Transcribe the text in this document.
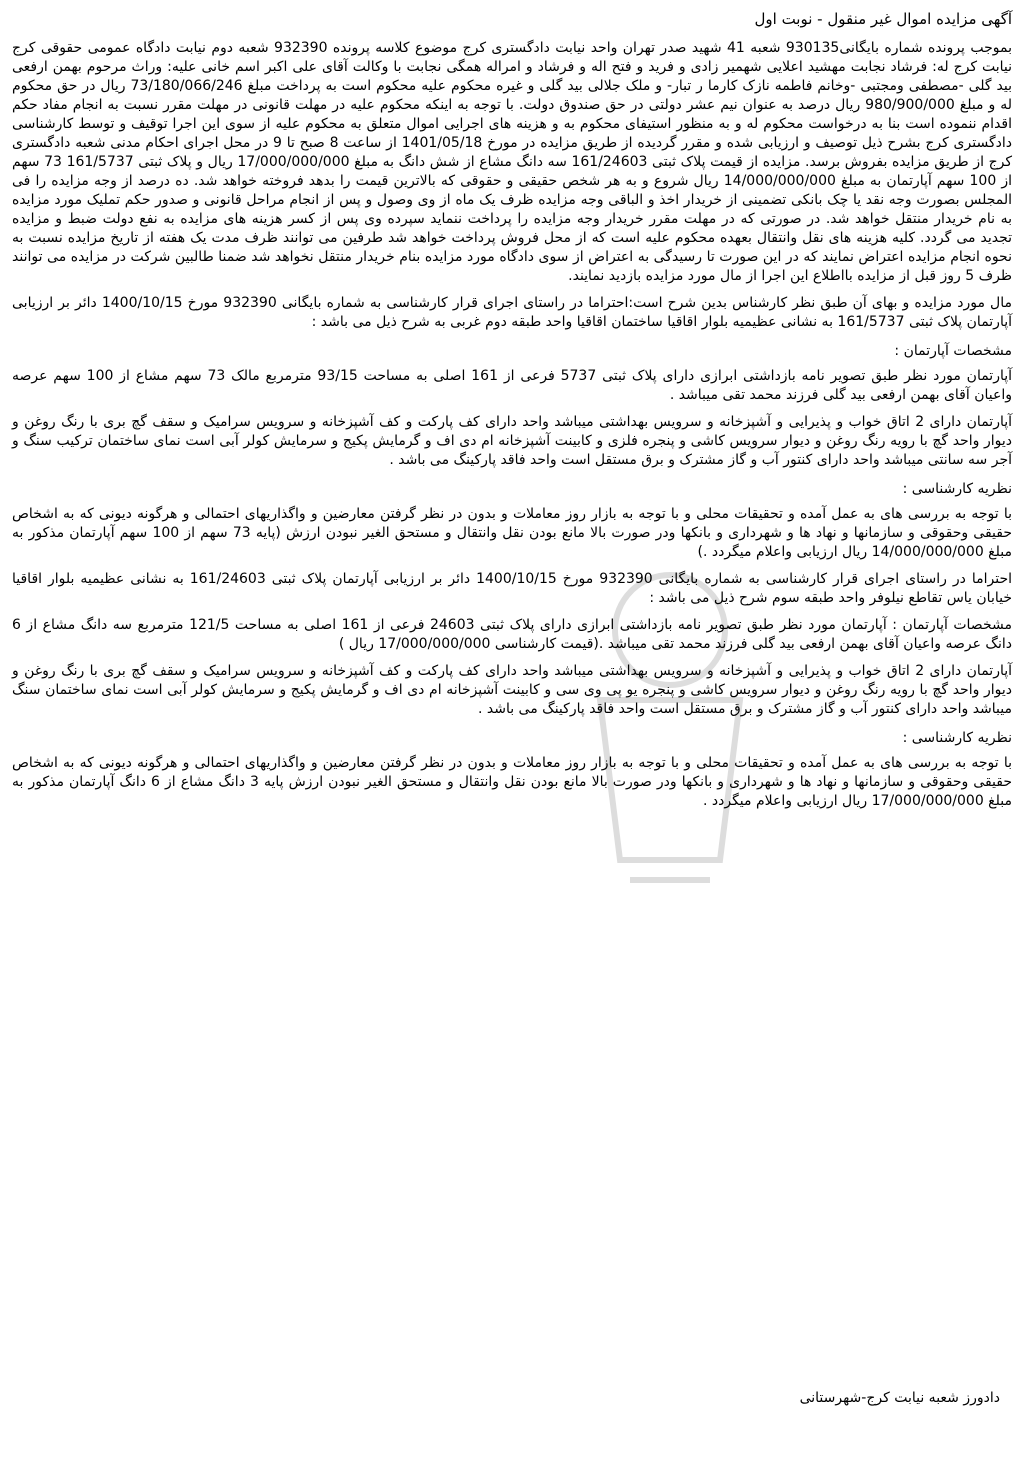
آگهی مزایده اموال غیر منقول - نوبت اول

بموجب پرونده شماره بایگانی930135 شعبه 41 شهید صدر تهران واحد نیابت دادگستری کرج موضوع کلاسه پرونده 932390 شعبه دوم نیابت دادگاه عمومی حقوقی کرج نیابت کرج له: فرشاد نجابت مهشید اعلایی شهمیر زادی و فرید و فتح اله و فرشاد و امراله همگی نجابت با وکالت آقای علی اکبر اسم خانی علیه: وراث مرحوم بهمن ارفعی بید گلی -مصطفی ومجتبی -وخانم فاطمه نازک کارما ر تبار- و ملک جلالی بید گلی و غیره محکوم علیه محکوم است به پرداخت مبلغ 73/180/066/246 ریال در حق محکوم له و مبلغ 980/900/000 ریال درصد به عنوان نیم عشر دولتی در حق صندوق دولت. با توجه به اینکه محکوم علیه در مهلت قانونی در مهلت مقرر نسبت به انجام مفاد حکم اقدام ننموده است بنا به درخواست محکوم له و به منظور استیفای محکوم به و هزینه های اجرایی اموال متعلق به محکوم علیه از سوی این اجرا توقیف و توسط کارشناسی دادگستری کرج بشرح ذیل توصیف و ارزیابی شده و مقرر گردیده از طریق مزایده در مورخ 1401/05/18 از ساعت 8 صبح تا 9 در محل اجرای احکام مدنی شعبه دادگستری کرج از طریق مزایده بفروش برسد. مزایده از قیمت پلاک ثبتی 161/24603 سه دانگ مشاع از شش دانگ به مبلغ 17/000/000/000 ریال و پلاک ثبتی 161/5737 73 سهم از 100 سهم آپارتمان به مبلغ 14/000/000/000 ریال شروع و به هر شخص حقیقی و حقوقی که بالاترین قیمت را بدهد فروخته خواهد شد. ده درصد از وجه مزایده را فی المجلس بصورت وجه نقد یا چک بانکی تضمینی از خریدار اخذ و الباقی وجه مزایده ظرف یک ماه از وی وصول و پس از انجام مراحل قانونی و صدور حکم تملیک مورد مزایده به نام خریدار منتقل خواهد شد. در صورتی که در مهلت مقرر خریدار وجه مزایده را پرداخت ننماید سپرده وی پس از کسر هزینه های مزایده به نفع دولت ضبط و مزایده تجدید می گردد. کلیه هزینه های نقل وانتقال بعهده محکوم علیه است که از محل فروش پرداخت خواهد شد طرفین می توانند ظرف مدت یک هفته از تاریخ مزایده نسبت به نحوه انجام مزایده اعتراض نمایند که در این صورت تا رسیدگی به اعتراض از سوی دادگاه مورد مزایده بنام خریدار منتقل نخواهد شد ضمنا طالبین شرکت در مزایده می توانند ظرف 5 روز قبل از مزایده بااطلاع این اجرا از مال مورد مزایده بازدید نمایند.

مال مورد مزایده و بهای آن طبق نظر کارشناس بدین شرح است:احتراما در راستای اجرای قرار کارشناسی به شماره بایگانی 932390 مورخ 1400/10/15 دائر بر ارزیابی آپارتمان پلاک ثبتی 161/5737 به نشانی عظیمیه بلوار اقاقیا ساختمان اقاقیا واحد طبقه دوم غربی به شرح ذیل می باشد :

مشخصات آپارتمان :

آپارتمان مورد نظر طبق تصویر نامه بازداشتی ابرازی دارای پلاک ثبتی 5737 فرعی از 161 اصلی به مساحت 93/15 مترمربع مالک 73 سهم مشاع از 100 سهم عرصه واعیان آقای بهمن ارفعی بید گلی فرزند محمد تقی میباشد .

آپارتمان دارای 2 اتاق خواب و پذیرایی و آشپزخانه و سرویس بهداشتی میباشد واحد دارای کف پارکت و کف آشپزخانه و سرویس سرامیک و سقف گچ بری با رنگ روغن و دیوار واحد گچ با رویه رنگ روغن و دیوار سرویس کاشی و پنجره فلزی و کابینت آشپزخانه ام دی اف و گرمایش پکیج و سرمایش کولر آبی است نمای ساختمان ترکیب سنگ و آجر سه سانتی میباشد واحد دارای کنتور آب و گاز مشترک و برق مستقل است واحد فاقد پارکینگ می باشد .

نظریه کارشناسی :

با توجه به بررسی های به عمل آمده و تحقیقات محلی و با توجه به بازار روز معاملات و بدون در نظر گرفتن معارضین و واگذاریهای احتمالی و هرگونه دیونی که به اشخاص حقیقی وحقوقی و سازمانها و نهاد ها و شهرداری و بانکها ودر صورت بالا مانع بودن نقل وانتقال و مستحق الغیر نبودن ارزش (پایه 73 سهم از 100 سهم آپارتمان مذکور به مبلغ 14/000/000/000 ریال ارزیابی واعلام میگردد .)

احتراما در راستای اجرای قرار کارشناسی به شماره بایگانی 932390 مورخ 1400/10/15 دائر بر ارزیابی آپارتمان پلاک ثبتی 161/24603 به نشانی عظیمیه بلوار اقاقیا خیابان یاس تقاطع نیلوفر واحد طبقه سوم شرح ذیل می باشد :

مشخصات آپارتمان : آپارتمان مورد نظر طبق تصویر نامه بازداشتی ابرازی دارای پلاک ثبتی 24603 فرعی از 161 اصلی به مساحت 121/5 مترمربع سه دانگ مشاع از 6 دانگ عرصه واعیان آقای بهمن ارفعی بید گلی فرزند محمد تقی میباشد .(قیمت کارشناسی 17/000/000/000 ریال )

آپارتمان دارای 2 اتاق خواب و پذیرایی و آشپزخانه و سرویس بهداشتی میباشد واحد دارای کف پارکت و کف آشپزخانه و سرویس سرامیک و سقف گچ بری با رنگ روغن و دیوار واحد گچ با رویه رنگ روغن و دیوار سرویس کاشی و پنجره یو پی وی سی و کابینت آشپزخانه ام دی اف و گرمایش پکیج و سرمایش کولر آبی است نمای ساختمان سنگ میباشد واحد دارای کنتور آب و گاز مشترک و برق مستقل است واحد فاقد پارکینگ می باشد .

نظریه کارشناسی :

با توجه به بررسی های به عمل آمده و تحقیقات محلی و با توجه به بازار روز معاملات و بدون در نظر گرفتن معارضین و واگذاریهای احتمالی و هرگونه دیونی که به اشخاص حقیقی وحقوقی و سازمانها و نهاد ها و شهرداری و بانکها ودر صورت بالا مانع بودن نقل وانتقال و مستحق الغیر نبودن ارزش پایه 3 دانگ مشاع از 6 دانگ آپارتمان مذکور به مبلغ 17/000/000/000 ریال ارزیابی واعلام میگردد .

دادورز شعبه نیابت کرج-شهرستانی
